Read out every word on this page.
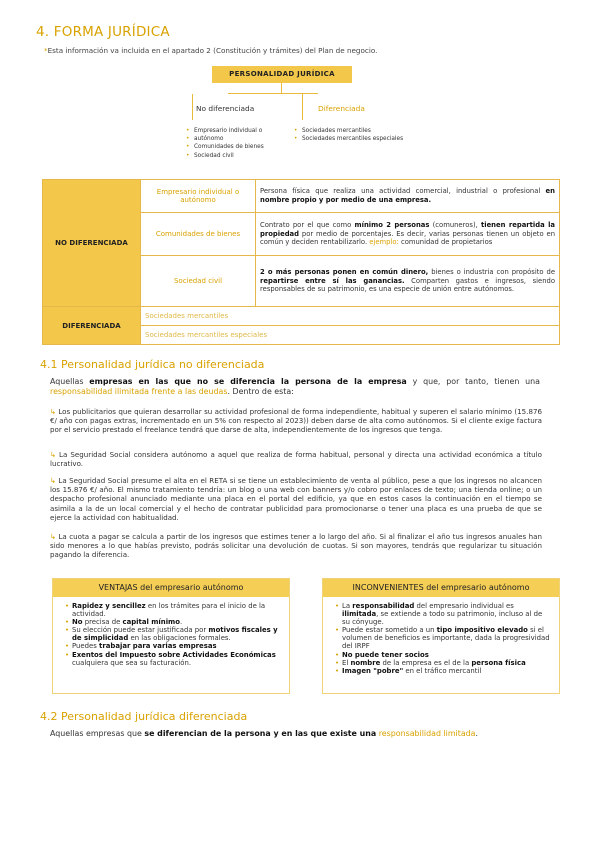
4. FORMA JURÍDICA
*Esta información va incluida en el apartado 2 (Constitución y trámites) del Plan de negocio.
PERSONALIDAD JURÍDICA
No diferenciada	Diferenciada
• Empresario individual o
• autónomo
• Comunidades de bienes
• Sociedad civil
• Sociedades mercantiles
• Sociedades mercantiles especiales
NO DIFERENCIADA	Empresario individual o autónomo	Persona física que realiza una actividad comercial, industrial o profesional en nombre propio y por medio de una empresa.
	Comunidades de bienes	Contrato por el que como mínimo 2 personas (comuneros), tienen repartida la propiedad por medio de porcentajes. Es decir, varias personas tienen un objeto en común y deciden rentabilizarlo. ejemplo: comunidad de propietarios
	Sociedad civil	2 o más personas ponen en común dinero, bienes o industria con propósito de repartirse entre sí las ganancias. Comparten gastos e ingresos, siendo responsables de su patrimonio, es una especie de unión entre autónomos.
DIFERENCIADA	Sociedades mercantiles	
	Sociedades mercantiles especiales	
4.1 Personalidad jurídica no diferenciada
Aquellas empresas en las que no se diferencia la persona de la empresa y que, por tanto, tienen una responsabilidad ilimitada frente a las deudas. Dentro de esta:
↳ Los publicitarios que quieran desarrollar su actividad profesional de forma independiente, habitual y superen el salario mínimo (15.876 €/ año con pagas extras, incrementado en un 5% con respecto al 2023)) deben darse de alta como autónomos. Si el cliente exige factura por el servicio prestado el freelance tendrá que darse de alta, independientemente de los ingresos que tenga.
↳ La Seguridad Social considera autónomo a aquel que realiza de forma habitual, personal y directa una actividad económica a título lucrativo.
↳ La Seguridad Social presume el alta en el RETA si se tiene un establecimiento de venta al público, pese a que los ingresos no alcancen los 15.876 €/ año. El mismo tratamiento tendría: un blog o una web con banners y/o cobro por enlaces de texto; una tienda online; o un despacho profesional anunciado mediante una placa en el portal del edificio, ya que en estos casos la continuación en el tiempo se asimila a la de un local comercial y el hecho de contratar publicidad para promocionarse o tener una placa es una prueba de que se ejerce la actividad con habitualidad.
↳ La cuota a pagar se calcula a partir de los ingresos que estimes tener a lo largo del año. Si al finalizar el año tus ingresos anuales han sido menores a lo que habías previsto, podrás solicitar una devolución de cuotas. Si son mayores, tendrás que regularizar tu situación pagando la diferencia.
VENTAJAS del empresario autónomo
• Rapidez y sencillez en los trámites para el inicio de la actividad.
• No precisa de capital mínimo.
• Su elección puede estar justificada por motivos fiscales y de simplicidad en las obligaciones formales.
• Puedes trabajar para varias empresas
• Exentos del Impuesto sobre Actividades Económicas cualquiera que sea su facturación.
INCONVENIENTES del empresario autónomo
• La responsabilidad del empresario individual es ilimitada, se extiende a todo su patrimonio, incluso al de su cónyuge.
• Puede estar sometido a un tipo impositivo elevado si el volumen de beneficios es importante, dada la progresividad del IRPF
• No puede tener socios
• El nombre de la empresa es el de la persona física
• Imagen "pobre" en el tráfico mercantil
4.2 Personalidad jurídica diferenciada
Aquellas empresas que se diferencian de la persona y en las que existe una responsabilidad limitada.
